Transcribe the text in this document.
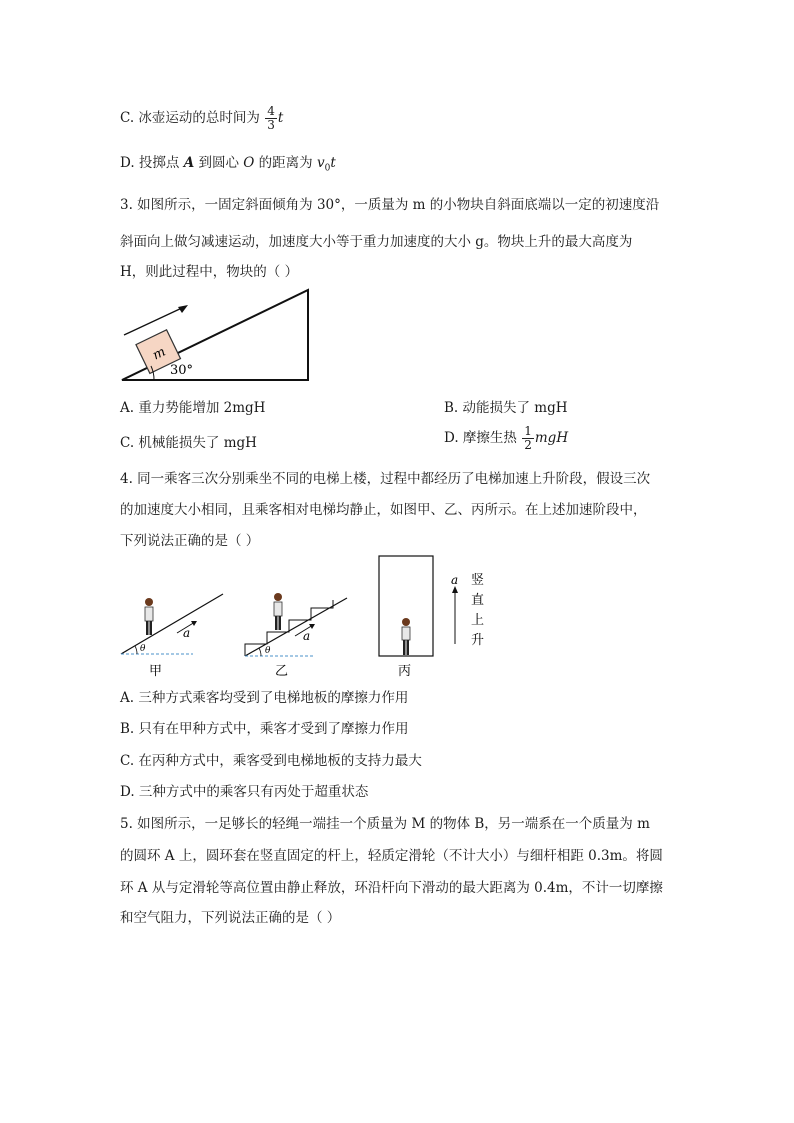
C. 冰壶运动的总时间为 $\frac{4}{3}$ t
D. 投掷点 A 到圆心 O 的距离为 $v_0t$
3. 如图所示，一固定斜面倾角为 30°，一质量为 m 的小物块自斜面底端以一定的初速度沿
斜面向上做匀减速运动，加速度大小等于重力加速度的大小 g。物块上升的最大高度为
H，则此过程中，物块的（ ）
m
30°
A. 重力势能增加 2mgH	B. 动能损失了 mgH
C. 机械能损失了 mgH	D. 摩擦生热 $\frac{1}{2}$ mgH
4. 同一乘客三次分别乘坐不同的电梯上楼，过程中都经历了电梯加速上升阶段，假设三次
的加速度大小相同，且乘客相对电梯均静止，如图甲、乙、丙所示。在上述加速阶段中，
下列说法正确的是（ ）
θ
a
甲
θ
a
乙	丙
a 竖
直
上
升
A. 三种方式乘客均受到了电梯地板的摩擦力作用
B. 只有在甲种方式中，乘客才受到了摩擦力作用
C. 在丙种方式中，乘客受到电梯地板的支持力最大
D. 三种方式中的乘客只有丙处于超重状态
5. 如图所示，一足够长的轻绳一端挂一个质量为 M 的物体 B，另一端系在一个质量为 m
的圆环 A 上，圆环套在竖直固定的杆上，轻质定滑轮（不计大小）与细杆相距 0.3m。将圆
环 A 从与定滑轮等高位置由静止释放，环沿杆向下滑动的最大距离为 0.4m，不计一切摩擦
和空气阻力，下列说法正确的是（ ）
